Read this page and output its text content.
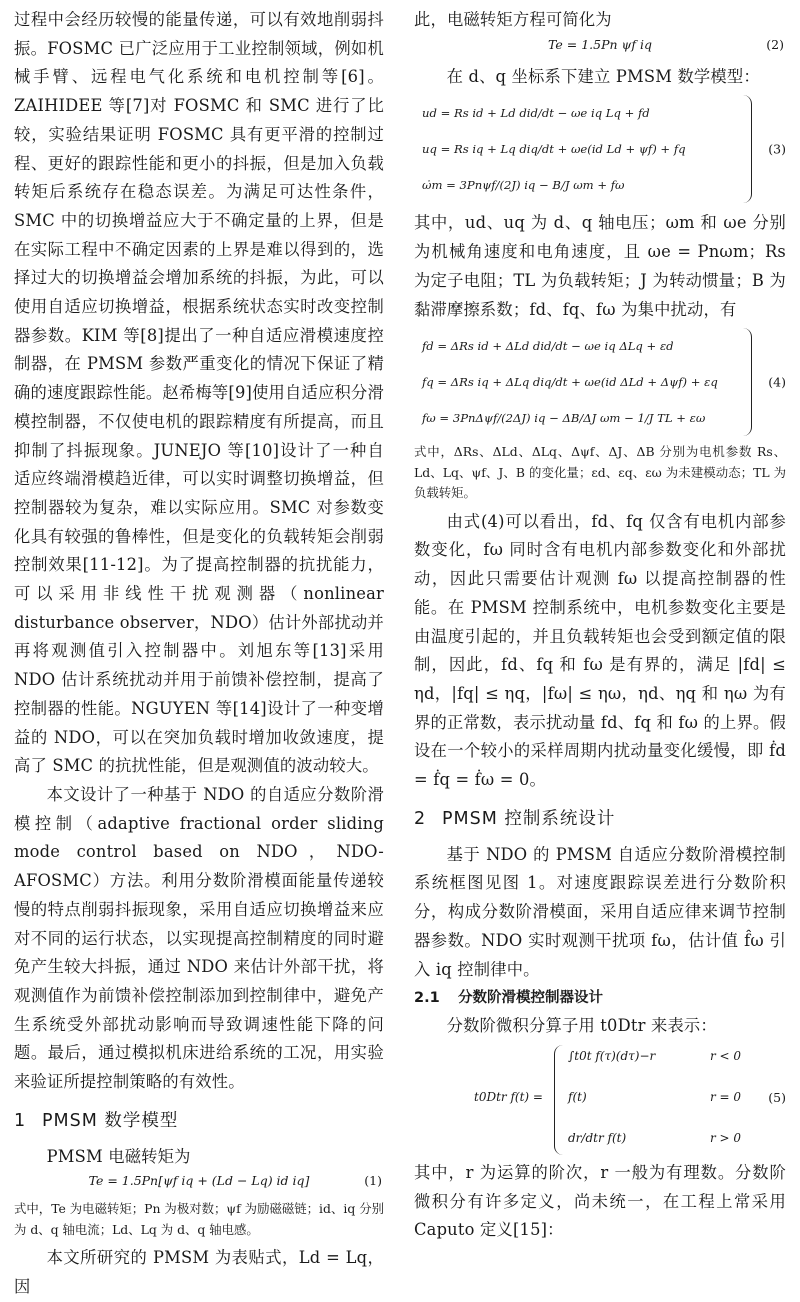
过程中会经历较慢的能量传递，可以有效地削弱抖振。FOSMC 已广泛应用于工业控制领域，例如机械手臂、远程电气化系统和电机控制等[6]。ZAIHIDEE 等[7]对 FOSMC 和 SMC 进行了比较，实验结果证明 FOSMC 具有更平滑的控制过程、更好的跟踪性能和更小的抖振，但是加入负载转矩后系统存在稳态误差。为满足可达性条件，SMC 中的切换增益应大于不确定量的上界，但是在实际工程中不确定因素的上界是难以得到的，选择过大的切换增益会增加系统的抖振，为此，可以使用自适应切换增益，根据系统状态实时改变控制器参数。KIM 等[8]提出了一种自适应滑模速度控制器，在 PMSM 参数严重变化的情况下保证了精确的速度跟踪性能。赵希梅等[9]使用自适应积分滑模控制器，不仅使电机的跟踪精度有所提高，而且抑制了抖振现象。JUNEJO 等[10]设计了一种自适应终端滑模趋近律，可以实时调整切换增益，但控制器较为复杂，难以实际应用。SMC 对参数变化具有较强的鲁棒性，但是变化的负载转矩会削弱控制效果[11-12]。为了提高控制器的抗扰能力，可以采用非线性干扰观测器（nonlinear disturbance observer，NDO）估计外部扰动并再将观测值引入控制器中。刘旭东等[13]采用 NDO 估计系统扰动并用于前馈补偿控制，提高了控制器的性能。NGUYEN 等[14]设计了一种变增益的 NDO，可以在突加负载时增加收敛速度，提高了 SMC 的抗扰性能，但是观测值的波动较大。

本文设计了一种基于 NDO 的自适应分数阶滑模控制（adaptive fractional order sliding mode control based on NDO，NDO-AFOSMC）方法。利用分数阶滑模面能量传递较慢的特点削弱抖振现象，采用自适应切换增益来应对不同的运行状态，以实现提高控制精度的同时避免产生较大抖振，通过 NDO 来估计外部干扰，将观测值作为前馈补偿控制添加到控制律中，避免产生系统受外部扰动影响而导致调速性能下降的问题。最后，通过模拟机床进给系统的工况，用实验来验证所提控制策略的有效性。

1 PMSM 数学模型

PMSM 电磁转矩为

Te = 1.5Pn[ψf iq + (Ld − Lq) id iq]	(1)

式中，Te 为电磁转矩；Pn 为极对数；ψf 为励磁磁链；id、iq 分别为 d、q 轴电流；Ld、Lq 为 d、q 轴电感。

本文所研究的 PMSM 为表贴式，Ld = Lq，因

此，电磁转矩方程可简化为

Te = 1.5Pn ψf iq	(2)

在 d、q 坐标系下建立 PMSM 数学模型：

ud = Rs id + Ld did/dt − ωe iq Lq + fd
uq = Rs iq + Lq diq/dt + ωe(id Ld + ψf) + fq
ω̇m = 3Pnψf/(2J) iq − B/J ωm + fω
(3)

其中，ud、uq 为 d、q 轴电压；ωm 和 ωe 分别为机械角速度和电角速度，且 ωe = Pnωm；Rs 为定子电阻；TL 为负载转矩；J 为转动惯量；B 为黏滞摩擦系数；fd、fq、fω 为集中扰动，有

fd = ΔRs id + ΔLd did/dt − ωe iq ΔLq + εd
fq = ΔRs iq + ΔLq diq/dt + ωe(id ΔLd + Δψf) + εq
fω = 3PnΔψf/(2ΔJ) iq − ΔB/ΔJ ωm − 1/J TL + εω
(4)

式中，ΔRs、ΔLd、ΔLq、Δψf、ΔJ、ΔB 分别为电机参数 Rs、Ld、Lq、ψf、J、B 的变化量；εd、εq、εω 为未建模动态；TL 为负载转矩。

由式(4)可以看出，fd、fq 仅含有电机内部参数变化，fω 同时含有电机内部参数变化和外部扰动，因此只需要估计观测 fω 以提高控制器的性能。在 PMSM 控制系统中，电机参数变化主要是由温度引起的，并且负载转矩也会受到额定值的限制，因此，fd、fq 和 fω 是有界的，满足 |fd| ≤ ηd，|fq| ≤ ηq，|fω| ≤ ηω，ηd、ηq 和 ηω 为有界的正常数，表示扰动量 fd、fq 和 fω 的上界。假设在一个较小的采样周期内扰动量变化缓慢，即 ḟd = ḟq = ḟω = 0。

2 PMSM 控制系统设计

基于 NDO 的 PMSM 自适应分数阶滑模控制系统框图见图 1。对速度跟踪误差进行分数阶积分，构成分数阶滑模面，采用自适应律来调节控制器参数。NDO 实时观测干扰项 fω，估计值 f̂ω 引入 iq 控制律中。

2.1 分数阶滑模控制器设计

分数阶微积分算子用 t0Dtr 来表示：

t0Dtr f(t) =
∫t0t f(τ)(dτ)−r	r < 0
f(t)	r = 0
dr/dtr f(t)	r > 0
(5)

其中，r 为运算的阶次，r 一般为有理数。分数阶微积分有许多定义，尚未统一，在工程上常采用 Caputo 定义[15]：
